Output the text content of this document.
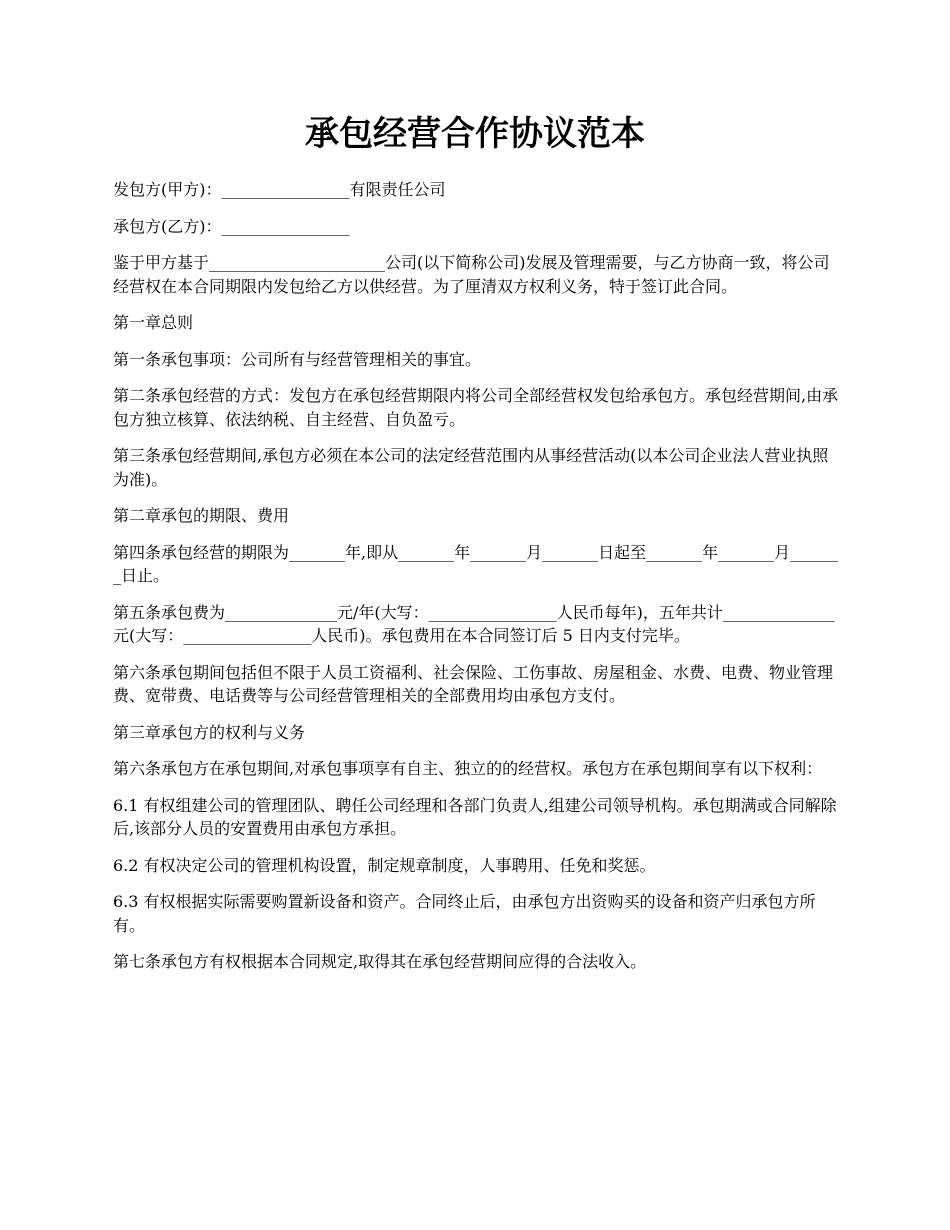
承包经营合作协议范本

发包方(甲方)：________________有限责任公司

承包方(乙方)：________________

鉴于甲方基于______________________公司(以下简称公司)发展及管理需要，与乙方协商一致，将公司经营权在本合同期限内发包给乙方以供经营。为了厘清双方权利义务，特于签订此合同。

第一章总则

第一条承包事项：公司所有与经营管理相关的事宜。

第二条承包经营的方式：发包方在承包经营期限内将公司全部经营权发包给承包方。承包经营期间,由承包方独立核算、依法纳税、自主经营、自负盈亏。

第三条承包经营期间,承包方必须在本公司的法定经营范围内从事经营活动(以本公司企业法人营业执照为准)。

第二章承包的期限、费用

第四条承包经营的期限为_______年,即从_______年_______月_______日起至_______年_______月_______日止。

第五条承包费为______________元/年(大写：________________人民币每年)，五年共计______________元(大写：________________人民币)。承包费用在本合同签订后 5 日内支付完毕。

第六条承包期间包括但不限于人员工资福利、社会保险、工伤事故、房屋租金、水费、电费、物业管理费、宽带费、电话费等与公司经营管理相关的全部费用均由承包方支付。

第三章承包方的权利与义务

第六条承包方在承包期间,对承包事项享有自主、独立的的经营权。承包方在承包期间享有以下权利：

6.1 有权组建公司的管理团队、聘任公司经理和各部门负责人,组建公司领导机构。承包期满或合同解除后,该部分人员的安置费用由承包方承担。

6.2 有权决定公司的管理机构设置，制定规章制度，人事聘用、任免和奖惩。

6.3 有权根据实际需要购置新设备和资产。合同终止后，由承包方出资购买的设备和资产归承包方所有。

第七条承包方有权根据本合同规定,取得其在承包经营期间应得的合法收入。
